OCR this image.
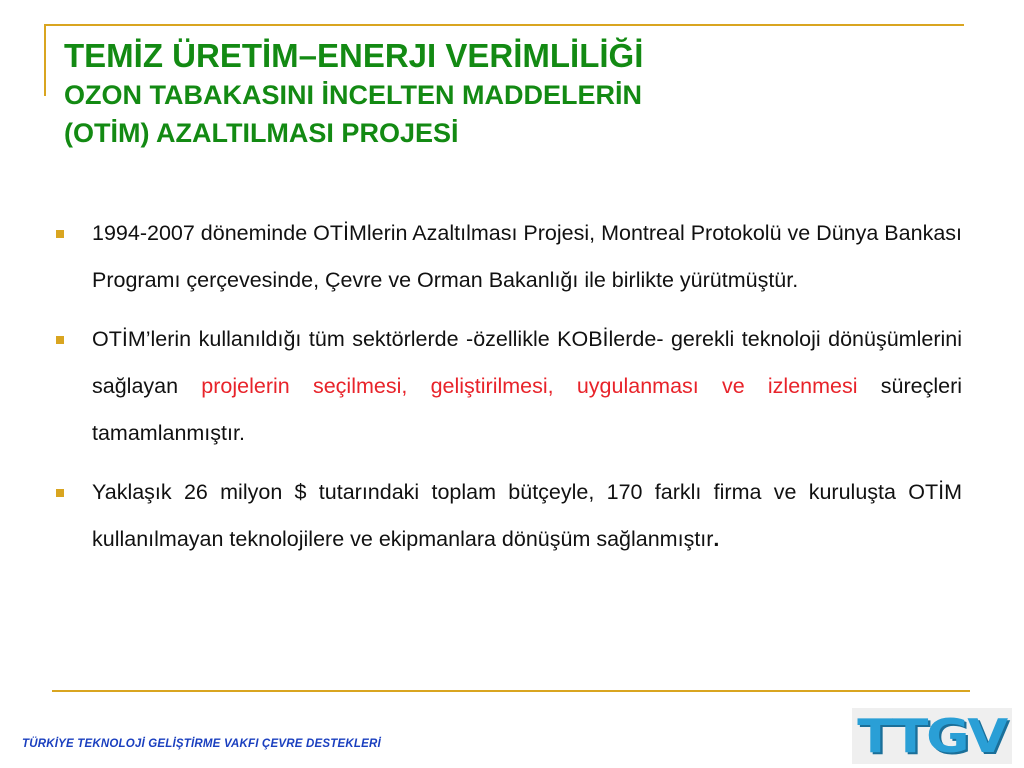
TEMİZ ÜRETİM–ENERJI VERİMLİLİĞİ
OZON TABAKASINI İNCELTEN MADDELERİN
(OTİM) AZALTILMASI PROJESİ
1994-2007 döneminde OTİMlerin Azaltılması Projesi, Montreal Protokolü ve Dünya Bankası Programı çerçevesinde, Çevre ve Orman Bakanlığı ile birlikte yürütmüştür.
OTİM’lerin kullanıldığı tüm sektörlerde -özellikle KOBİlerde- gerekli teknoloji dönüşümlerini sağlayan projelerin seçilmesi, geliştirilmesi, uygulanması ve izlenmesi süreçleri tamamlanmıştır.
Yaklaşık 26 milyon $ tutarındaki toplam bütçeyle, 170 farklı firma ve kuruluşta OTİM kullanılmayan teknolojilere ve ekipmanlara dönüşüm sağlanmıştır.
TÜRKİYE TEKNOLOJİ GELİŞTİRME VAKFI ÇEVRE DESTEKLERİ	TTGV
